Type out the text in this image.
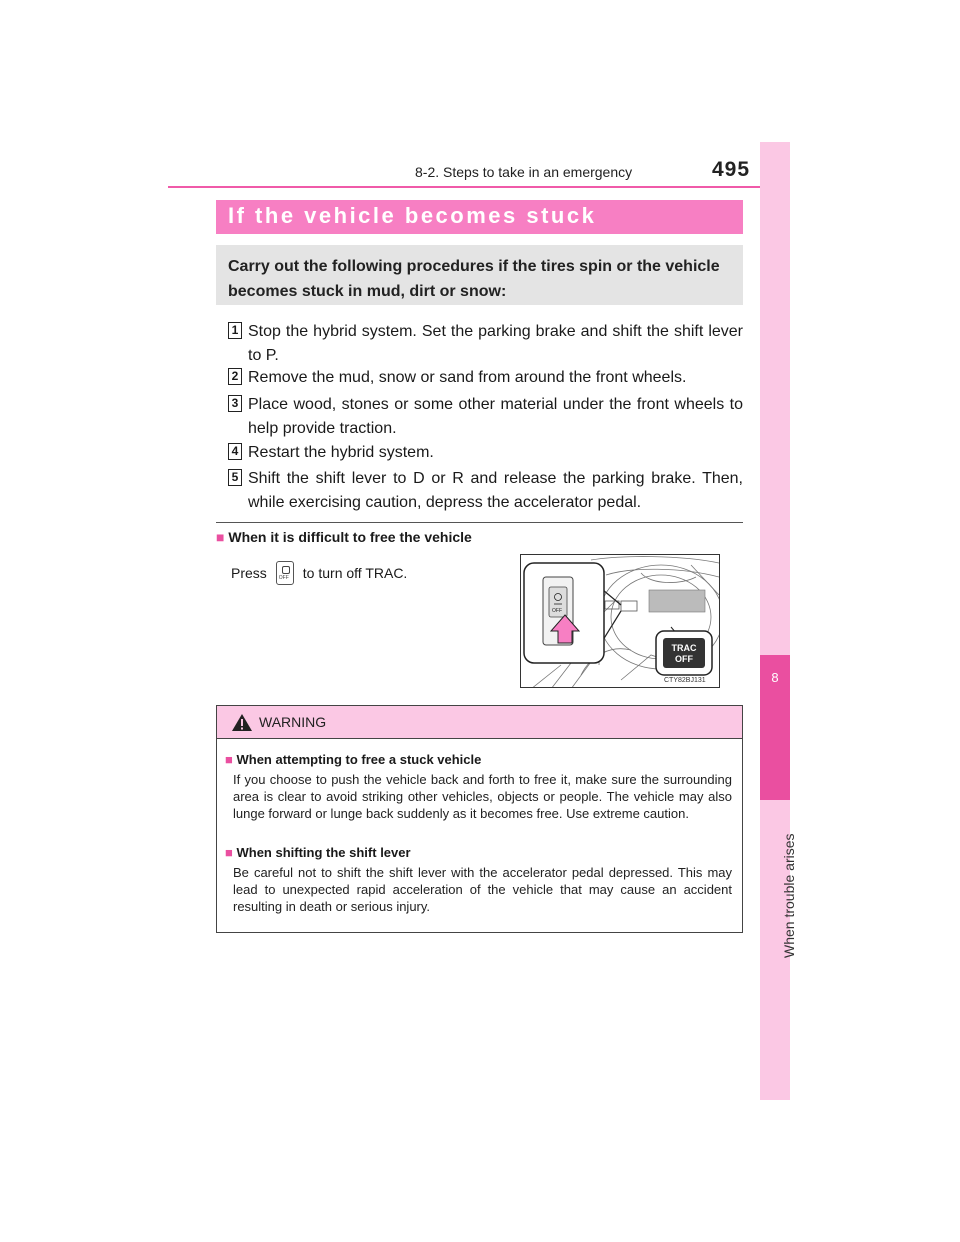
8-2. Steps to take in an emergency	495
8
When trouble arises
If the vehicle becomes stuck
Carry out the following procedures if the tires spin or the vehicle becomes stuck in mud, dirt or snow:
1 Stop the hybrid system. Set the parking brake and shift the shift lever to P.
2 Remove the mud, snow or sand from around the front wheels.
3 Place wood, stones or some other material under the front wheels to help provide traction.
4 Restart the hybrid system.
5 Shift the shift lever to D or R and release the parking brake. Then, while exercising caution, depress the accelerator pedal.
■ When it is difficult to free the vehicle
Press
OFF	to turn off TRAC.
OFF
TRAC
OFF
CTY82BJ131
WARNING
■ When attempting to free a stuck vehicle
If you choose to push the vehicle back and forth to free it, make sure the surrounding area is clear to avoid striking other vehicles, objects or people. The vehicle may also lunge forward or lunge back suddenly as it becomes free. Use extreme caution.
■ When shifting the shift lever
Be careful not to shift the shift lever with the accelerator pedal depressed. This may lead to unexpected rapid acceleration of the vehicle that may cause an accident resulting in death or serious injury.
